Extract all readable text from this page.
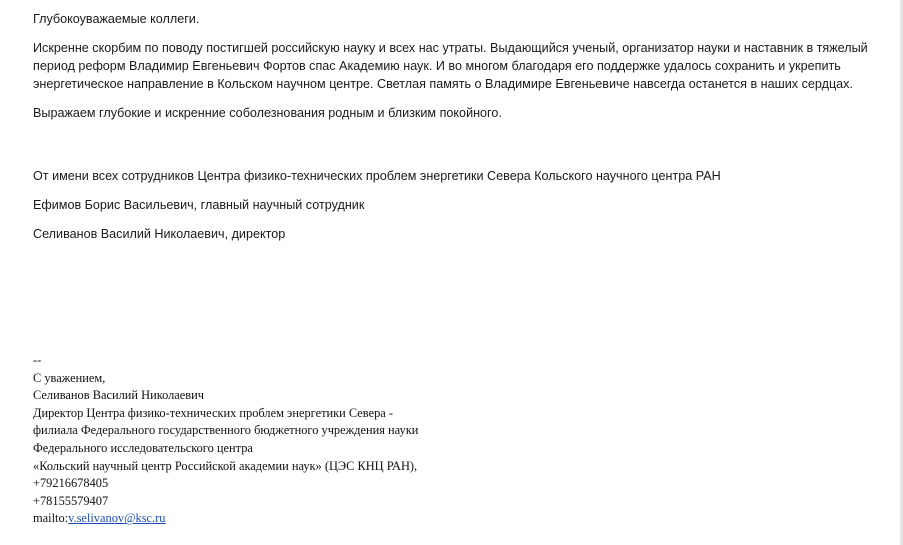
Глубокоуважаемые коллеги.

Искренне скорбим по поводу постигшей российскую науку и всех нас утраты. Выдающийся ученый, организатор науки и наставник в тяжелый период реформ Владимир Евгеньевич Фортов спас Академию наук. И во многом благодаря его поддержке удалось сохранить и укрепить энергетическое направление в Кольском научном центре. Светлая память о Владимире Евгеньевиче навсегда останется в наших сердцах.

Выражаем глубокие и искренние соболезнования родным и близким покойного.

От имени всех сотрудников Центра физико-технических проблем энергетики Севера Кольского научного центра РАН

Ефимов Борис Васильевич, главный научный сотрудник

Селиванов Василий Николаевич, директор

--
С уважением,
Селиванов Василий Николаевич
Директор Центра физико-технических проблем энергетики Севера -
филиала Федерального государственного бюджетного учреждения науки
Федерального исследовательского центра
«Кольский научный центр Российской академии наук» (ЦЭС КНЦ РАН),
+79216678405
+78155579407
mailto:v.selivanov@ksc.ru
